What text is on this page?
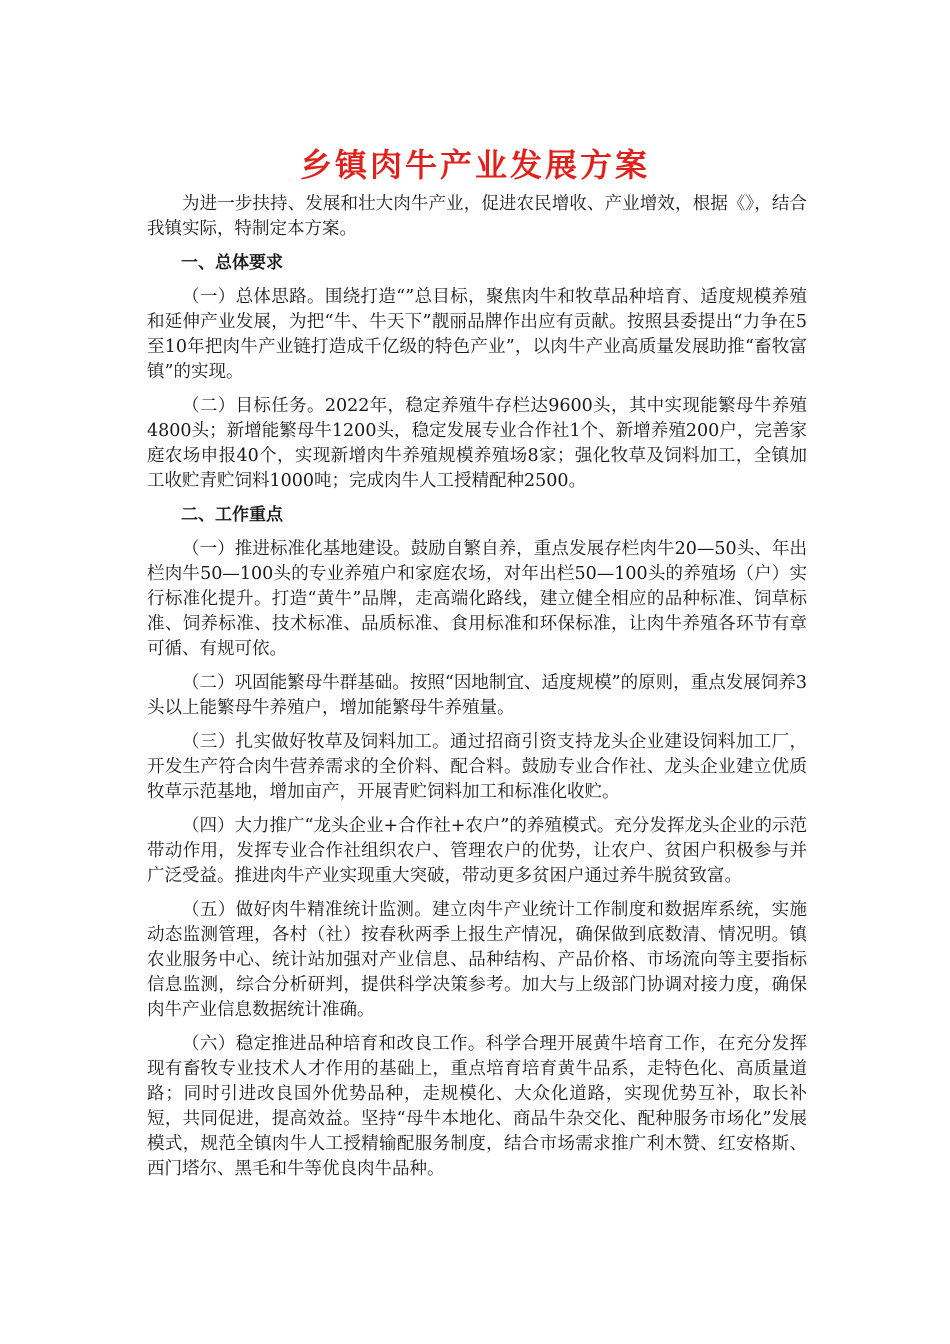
乡镇肉牛产业发展方案

为进一步扶持、发展和壮大肉牛产业，促进农民增收、产业增效，根据《》，结合我镇实际，特制定本方案。

一、总体要求

（一）总体思路。围绕打造“”总目标，聚焦肉牛和牧草品种培育、适度规模养殖和延伸产业发展，为把“牛、牛天下”靓丽品牌作出应有贡献。按照县委提出“力争在5至10年把肉牛产业链打造成千亿级的特色产业”，以肉牛产业高质量发展助推“畜牧富镇”的实现。

（二）目标任务。2022年，稳定养殖牛存栏达9600头，其中实现能繁母牛养殖4800头；新增能繁母牛1200头，稳定发展专业合作社1个、新增养殖200户，完善家庭农场申报40个，实现新增肉牛养殖规模养殖场8家；强化牧草及饲料加工，全镇加工收贮青贮饲料1000吨；完成肉牛人工授精配种2500。

二、工作重点

（一）推进标准化基地建设。鼓励自繁自养，重点发展存栏肉牛20—50头、年出栏肉牛50—100头的专业养殖户和家庭农场，对年出栏50—100头的养殖场（户）实行标准化提升。打造“黄牛”品牌，走高端化路线，建立健全相应的品种标准、饲草标准、饲养标准、技术标准、品质标准、食用标准和环保标准，让肉牛养殖各环节有章可循、有规可依。

（二）巩固能繁母牛群基础。按照“因地制宜、适度规模”的原则，重点发展饲养3头以上能繁母牛养殖户，增加能繁母牛养殖量。

（三）扎实做好牧草及饲料加工。通过招商引资支持龙头企业建设饲料加工厂，开发生产符合肉牛营养需求的全价料、配合料。鼓励专业合作社、龙头企业建立优质牧草示范基地，增加亩产，开展青贮饲料加工和标准化收贮。

（四）大力推广“龙头企业+合作社+农户”的养殖模式。充分发挥龙头企业的示范带动作用，发挥专业合作社组织农户、管理农户的优势，让农户、贫困户积极参与并广泛受益。推进肉牛产业实现重大突破，带动更多贫困户通过养牛脱贫致富。

（五）做好肉牛精准统计监测。建立肉牛产业统计工作制度和数据库系统，实施动态监测管理，各村（社）按春秋两季上报生产情况，确保做到底数清、情况明。镇农业服务中心、统计站加强对产业信息、品种结构、产品价格、市场流向等主要指标信息监测，综合分析研判，提供科学决策参考。加大与上级部门协调对接力度，确保肉牛产业信息数据统计准确。

（六）稳定推进品种培育和改良工作。科学合理开展黄牛培育工作，在充分发挥现有畜牧专业技术人才作用的基础上，重点培育培育黄牛品系，走特色化、高质量道路；同时引进改良国外优势品种，走规模化、大众化道路，实现优势互补，取长补短，共同促进，提高效益。坚持“母牛本地化、商品牛杂交化、配种服务市场化”发展模式，规范全镇肉牛人工授精输配服务制度，结合市场需求推广利木赞、红安格斯、西门塔尔、黑毛和牛等优良肉牛品种。
